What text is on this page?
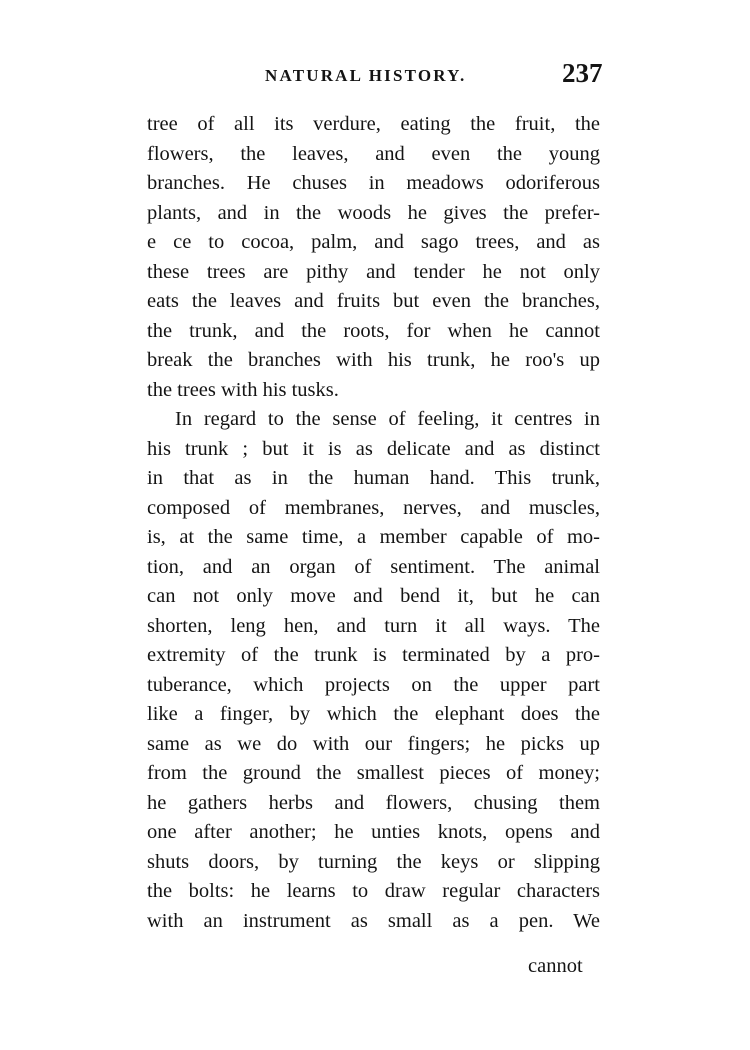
NATURAL HISTORY.	237
tree of all its verdure, eating the fruit, the
flowers, the leaves, and even the young
branches. He chuses in meadows odoriferous
plants, and in the woods he gives the prefer-
e ce to cocoa, palm, and sago trees, and as
these trees are pithy and tender he not only
eats the leaves and fruits but even the branches,
the trunk, and the roots, for when he cannot
break the branches with his trunk, he roo's up
the trees with his tusks.
In regard to the sense of feeling, it centres in
his trunk ; but it is as delicate and as distinct
in that as in the human hand. This trunk,
composed of membranes, nerves, and muscles,
is, at the same time, a member capable of mo-
tion, and an organ of sentiment. The animal
can not only move and bend it, but he can
shorten, leng hen, and turn it all ways. The
extremity of the trunk is terminated by a pro-
tuberance, which projects on the upper part
like a finger, by which the elephant does the
same as we do with our fingers; he picks up
from the ground the smallest pieces of money;
he gathers herbs and flowers, chusing them
one after another; he unties knots, opens and
shuts doors, by turning the keys or slipping
the bolts: he learns to draw regular characters
with an instrument as small as a pen. We
cannot
